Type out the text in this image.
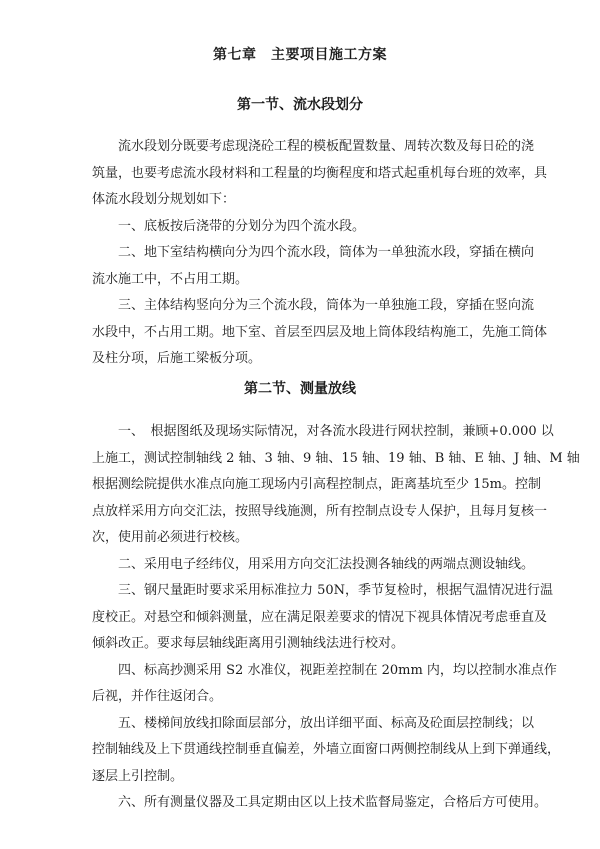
第七章　主要项目施工方案
第一节、流水段划分
流水段划分既要考虑现浇砼工程的模板配置数量、周转次数及每日砼的浇
筑量，也要考虑流水段材料和工程量的均衡程度和塔式起重机每台班的效率，具
体流水段划分规划如下：
一、底板按后浇带的分划分为四个流水段。
二、地下室结构横向分为四个流水段，筒体为一单独流水段，穿插在横向
流水施工中，不占用工期。
三、主体结构竖向分为三个流水段，筒体为一单独施工段，穿插在竖向流
水段中，不占用工期。地下室、首层至四层及地上筒体段结构施工，先施工筒体
及柱分项，后施工梁板分项。
第二节、测量放线
一、　根据图纸及现场实际情况，对各流水段进行网状控制，兼顾+0.000 以
上施工，测试控制轴线 2 轴、3 轴、9 轴、15 轴、19 轴、B 轴、E 轴、J 轴、M 轴
根据测绘院提供水准点向施工现场内引高程控制点，距离基坑至少 15m。控制
点放样采用方向交汇法，按照导线施测，所有控制点设专人保护，且每月复核一
次，使用前必须进行校核。
二、采用电子经纬仪，用采用方向交汇法投测各轴线的两端点测设轴线。
三、钢尺量距时要求采用标准拉力 50N，季节复检时，根据气温情况进行温
度校正。对悬空和倾斜测量，应在满足限差要求的情况下视具体情况考虑垂直及
倾斜改正。要求每层轴线距离用引测轴线法进行校对。
四、标高抄测采用 S2 水准仪，视距差控制在 20mm 内，均以控制水准点作
后视，并作往返闭合。
五、楼梯间放线扣除面层部分，放出详细平面、标高及砼面层控制线；以
控制轴线及上下贯通线控制垂直偏差，外墙立面窗口两侧控制线从上到下弹通线，
逐层上引控制。
六、所有测量仪器及工具定期由区以上技术监督局鉴定，合格后方可使用。
